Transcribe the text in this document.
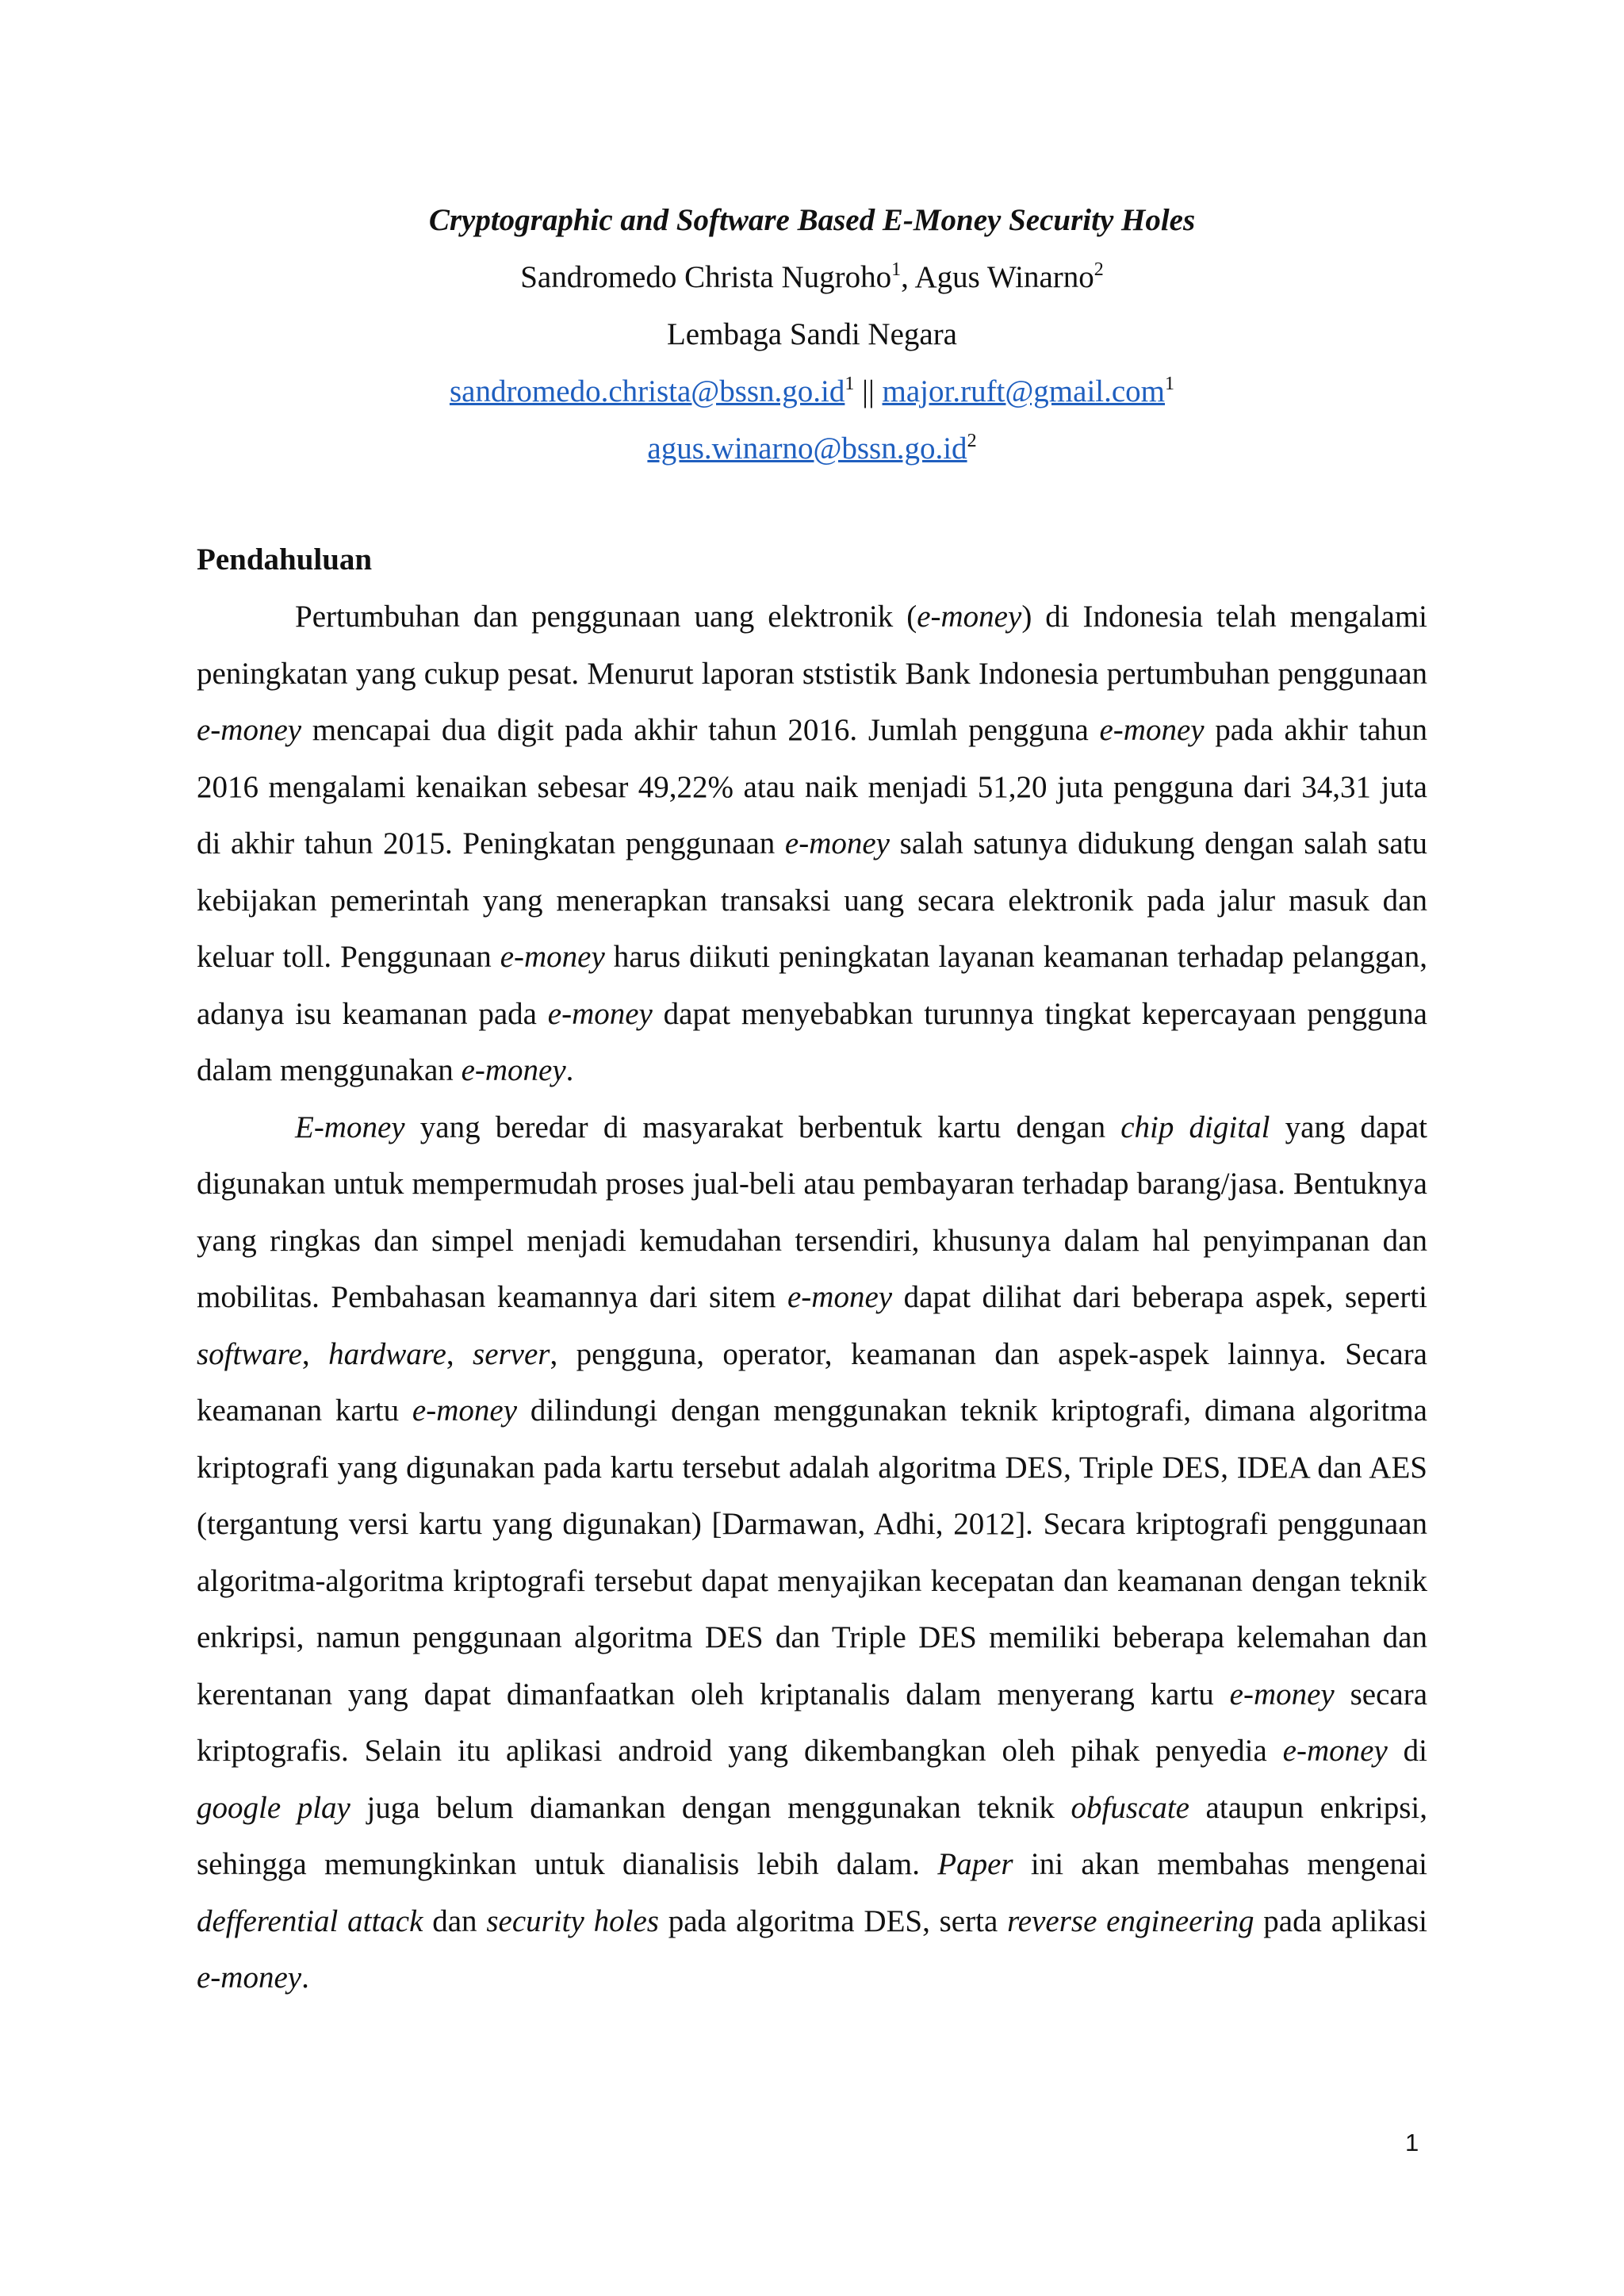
Cryptographic and Software Based E-Money Security Holes

Sandromedo Christa Nugroho$^1$, Agus Winarno$^2$

Lembaga Sandi Negara

$sandromedo.christa@bssn.go.id^1$ || major.ruft@gmail.com$^1$

$agus.winarno@bssn.go.id^2$

Pendahuluan

Pertumbuhan dan penggunaan uang elektronik (e-money) di Indonesia telah mengalami peningkatan yang cukup pesat. Menurut laporan ststistik Bank Indonesia pertumbuhan penggunaan e-money mencapai dua digit pada akhir tahun 2016. Jumlah pengguna e-money pada akhir tahun 2016 mengalami kenaikan sebesar 49,22% atau naik menjadi 51,20 juta pengguna dari 34,31 juta di akhir tahun 2015. Peningkatan penggunaan e-money salah satunya didukung dengan salah satu kebijakan pemerintah yang menerapkan transaksi uang secara elektronik pada jalur masuk dan keluar toll. Penggunaan e-money harus diikuti peningkatan layanan keamanan terhadap pelanggan, adanya isu keamanan pada e-money dapat menyebabkan turunnya tingkat kepercayaan pengguna dalam menggunakan e-money.

E-money yang beredar di masyarakat berbentuk kartu dengan chip digital yang dapat digunakan untuk mempermudah proses jual-beli atau pembayaran terhadap barang/jasa. Bentuknya yang ringkas dan simpel menjadi kemudahan tersendiri, khusunya dalam hal penyimpanan dan mobilitas. Pembahasan keamannya dari sitem e-money dapat dilihat dari beberapa aspek, seperti software, hardware, server, pengguna, operator, keamanan dan aspek-aspek lainnya. Secara keamanan kartu e-money dilindungi dengan menggunakan teknik kriptografi, dimana algoritma kriptografi yang digunakan pada kartu tersebut adalah algoritma DES, Triple DES, IDEA dan AES (tergantung versi kartu yang digunakan) [Darmawan, Adhi, 2012]. Secara kriptografi penggunaan algoritma-algoritma kriptografi tersebut dapat menyajikan kecepatan dan keamanan dengan teknik enkripsi, namun penggunaan algoritma DES dan Triple DES memiliki beberapa kelemahan dan kerentanan yang dapat dimanfaatkan oleh kriptanalis dalam menyerang kartu e-money secara kriptografis. Selain itu aplikasi android yang dikembangkan oleh pihak penyedia e-money di google play juga belum diamankan dengan menggunakan teknik obfuscate ataupun enkripsi, sehingga memungkinkan untuk dianalisis lebih dalam. Paper ini akan membahas mengenai defferential attack dan security holes pada algoritma DES, serta reverse engineering pada aplikasi e-money.

1
